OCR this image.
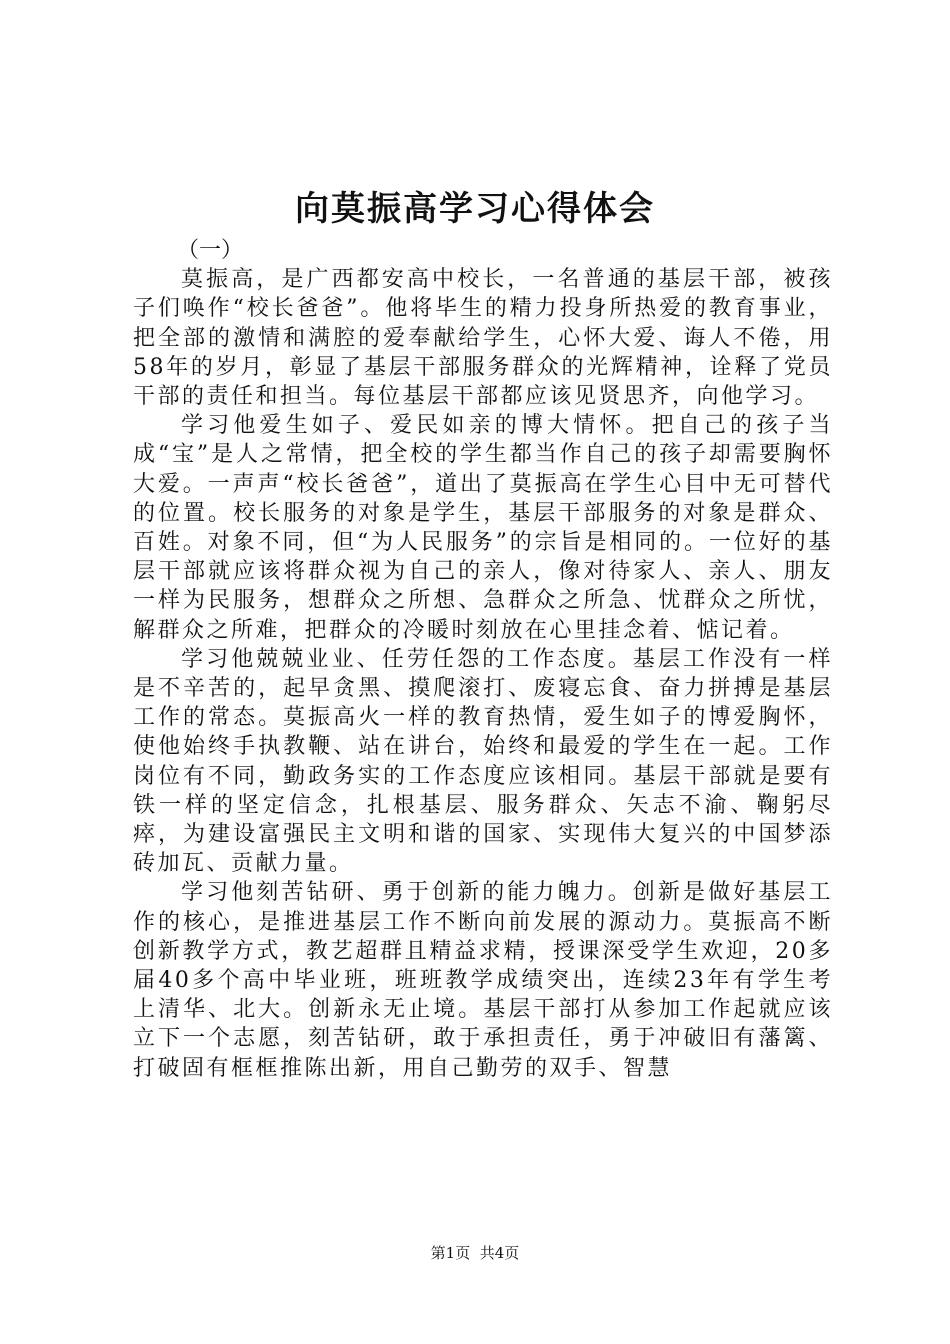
向莫振高学习心得体会

（一）

莫振高，是广西都安高中校长，一名普通的基层干部，被孩子们唤作“校长爸爸”。他将毕生的精力投身所热爱的教育事业，把全部的激情和满腔的爱奉献给学生，心怀大爱、诲人不倦，用58年的岁月，彰显了基层干部服务群众的光辉精神，诠释了党员干部的责任和担当。每位基层干部都应该见贤思齐，向他学习。

学习他爱生如子、爱民如亲的博大情怀。把自己的孩子当成“宝”是人之常情，把全校的学生都当作自己的孩子却需要胸怀大爱。一声声“校长爸爸”，道出了莫振高在学生心目中无可替代的位置。校长服务的对象是学生，基层干部服务的对象是群众、百姓。对象不同，但“为人民服务”的宗旨是相同的。一位好的基层干部就应该将群众视为自己的亲人，像对待家人、亲人、朋友一样为民服务，想群众之所想、急群众之所急、忧群众之所忧，解群众之所难，把群众的冷暖时刻放在心里挂念着、惦记着。

学习他兢兢业业、任劳任怨的工作态度。基层工作没有一样是不辛苦的，起早贪黑、摸爬滚打、废寝忘食、奋力拼搏是基层工作的常态。莫振高火一样的教育热情，爱生如子的博爱胸怀，使他始终手执教鞭、站在讲台，始终和最爱的学生在一起。工作岗位有不同，勤政务实的工作态度应该相同。基层干部就是要有铁一样的坚定信念，扎根基层、服务群众、矢志不渝、鞠躬尽瘁，为建设富强民主文明和谐的国家、实现伟大复兴的中国梦添砖加瓦、贡献力量。

学习他刻苦钻研、勇于创新的能力魄力。创新是做好基层工作的核心，是推进基层工作不断向前发展的源动力。莫振高不断创新教学方式，教艺超群且精益求精，授课深受学生欢迎，20多届40多个高中毕业班，班班教学成绩突出，连续23年有学生考上清华、北大。创新永无止境。基层干部打从参加工作起就应该立下一个志愿，刻苦钻研，敢于承担责任，勇于冲破旧有藩篱、打破固有框框推陈出新，用自己勤劳的双手、智慧

第1页 共4页
